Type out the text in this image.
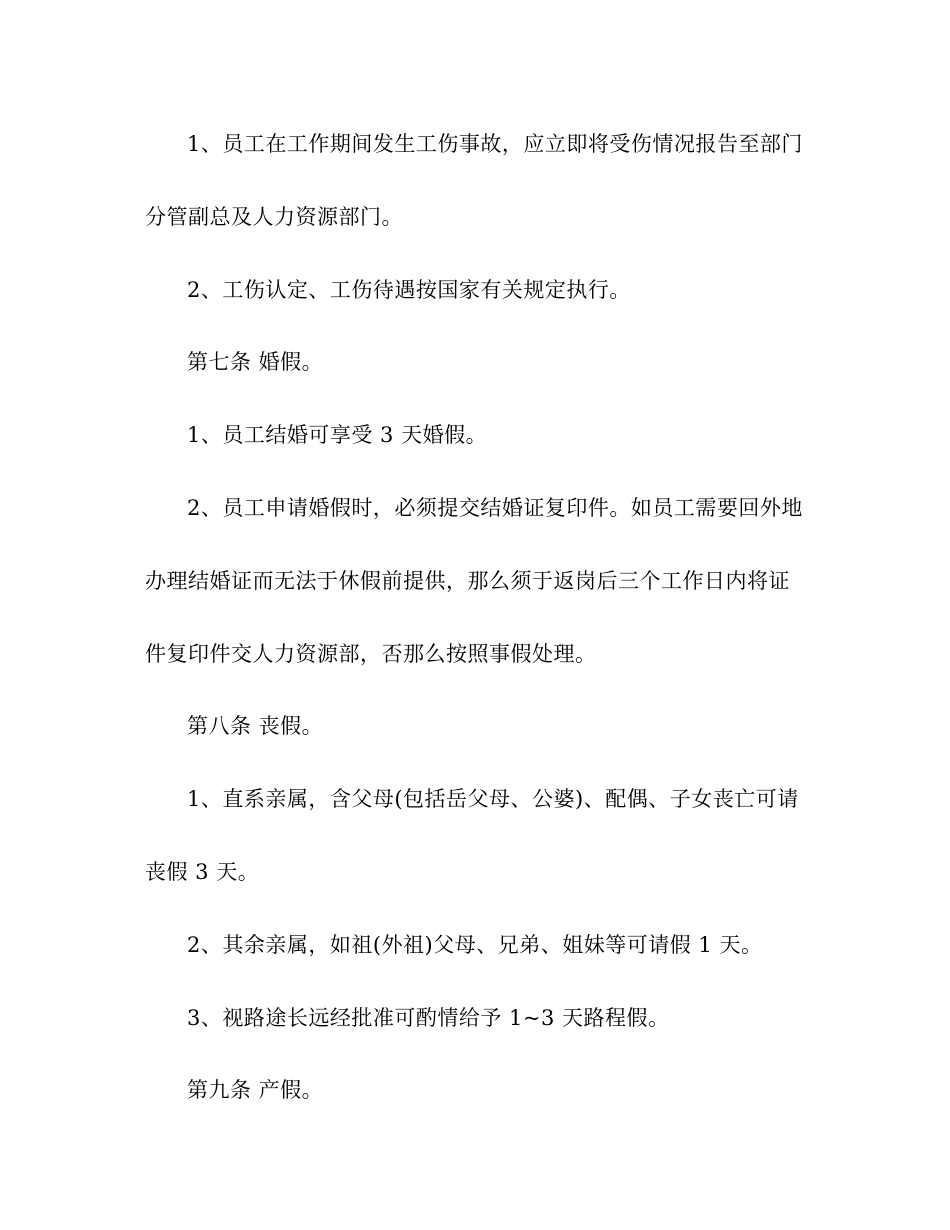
1、员工在工作期间发生工伤事故，应立即将受伤情况报告至部门
分管副总及人力资源部门。
2、工伤认定、工伤待遇按国家有关规定执行。
第七条 婚假。
1、员工结婚可享受 3 天婚假。
2、员工申请婚假时，必须提交结婚证复印件。如员工需要回外地
办理结婚证而无法于休假前提供，那么须于返岗后三个工作日内将证
件复印件交人力资源部，否那么按照事假处理。
第八条 丧假。
1、直系亲属，含父母(包括岳父母、公婆)、配偶、子女丧亡可请
丧假 3 天。
2、其余亲属，如祖(外祖)父母、兄弟、姐妹等可请假 1 天。
3、视路途长远经批准可酌情给予 1~3 天路程假。
第九条 产假。
